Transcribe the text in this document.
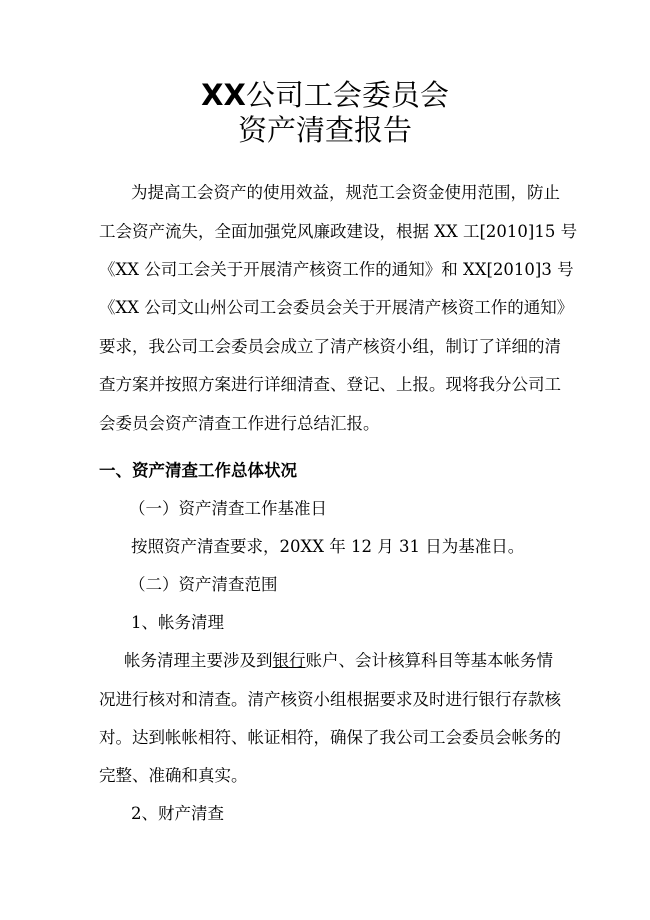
XX公司工会委员会
资产清查报告
为提高工会资产的使用效益，规范工会资金使用范围，防止
工会资产流失，全面加强党风廉政建设，根据 XX 工[2010]15 号
《XX 公司工会关于开展清产核资工作的通知》和 XX[2010]3 号
《XX 公司文山州公司工会委员会关于开展清产核资工作的通知》
要求，我公司工会委员会成立了清产核资小组，制订了详细的清
查方案并按照方案进行详细清查、登记、上报。现将我分公司工
会委员会资产清查工作进行总结汇报。
一、资产清查工作总体状况
（一）资产清查工作基准日
按照资产清查要求，20XX 年 12 月 31 日为基准日。
（二）资产清查范围
1、帐务清理
帐务清理主要涉及到银行账户、会计核算科目等基本帐务情
况进行核对和清查。清产核资小组根据要求及时进行银行存款核
对。达到帐帐相符、帐证相符，确保了我公司工会委员会帐务的
完整、准确和真实。
2、财产清查
